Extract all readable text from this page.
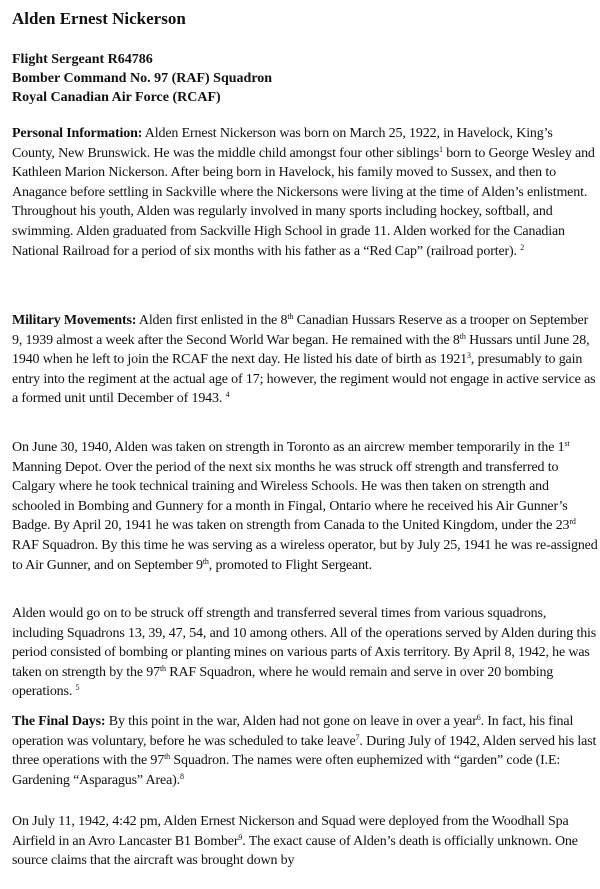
Alden Ernest Nickerson
Flight Sergeant R64786
Bomber Command No. 97 (RAF) Squadron
Royal Canadian Air Force (RCAF)

Personal Information: Alden Ernest Nickerson was born on March 25, 1922, in Havelock, King’s County, New Brunswick. He was the middle child amongst four other siblings$^1$ born to George Wesley and Kathleen Marion Nickerson. After being born in Havelock, his family moved to Sussex, and then to Anagance before settling in Sackville where the Nickersons were living at the time of Alden’s enlistment. Throughout his youth, Alden was regularly involved in many sports including hockey, softball, and swimming. Alden graduated from Sackville High School in grade 11. Alden worked for the Canadian National Railroad for a period of six months with his father as a “Red Cap” (railroad porter). $^2$

Military Movements: Alden first enlisted in the 8th Canadian Hussars Reserve as a trooper on September 9, 1939 almost a week after the Second World War began. He remained with the 8th Hussars until June 28, 1940 when he left to join the RCAF the next day. He listed his date of birth as 1921$^3$, presumably to gain entry into the regiment at the actual age of 17; however, the regiment would not engage in active service as a formed unit until December of 1943. $^4$

On June 30, 1940, Alden was taken on strength in Toronto as an aircrew member temporarily in the 1st Manning Depot. Over the period of the next six months he was struck off strength and transferred to Calgary where he took technical training and Wireless Schools. He was then taken on strength and schooled in Bombing and Gunnery for a month in Fingal, Ontario where he received his Air Gunner’s Badge. By April 20, 1941 he was taken on strength from Canada to the United Kingdom, under the 23rd RAF Squadron. By this time he was serving as a wireless operator, but by July 25, 1941 he was re-assigned to Air Gunner, and on September 9th, promoted to Flight Sergeant.

Alden would go on to be struck off strength and transferred several times from various squadrons, including Squadrons 13, 39, 47, 54, and 10 among others. All of the operations served by Alden during this period consisted of bombing or planting mines on various parts of Axis territory. By April 8, 1942, he was taken on strength by the 97th RAF Squadron, where he would remain and serve in over 20 bombing operations. $^5$

The Final Days: By this point in the war, Alden had not gone on leave in over a year$^6$. In fact, his final operation was voluntary, before he was scheduled to take leave$^7$. During July of 1942, Alden served his last three operations with the 97th Squadron. The names were often euphemized with “garden” code (I.E: Gardening “Asparagus” Area).$^8$

On July 11, 1942, 4:42 pm, Alden Ernest Nickerson and Squad were deployed from the Woodhall Spa Airfield in an Avro Lancaster B1 Bomber$^9$. The exact cause of Alden’s death is officially unknown. One source claims that the aircraft was brought down by
